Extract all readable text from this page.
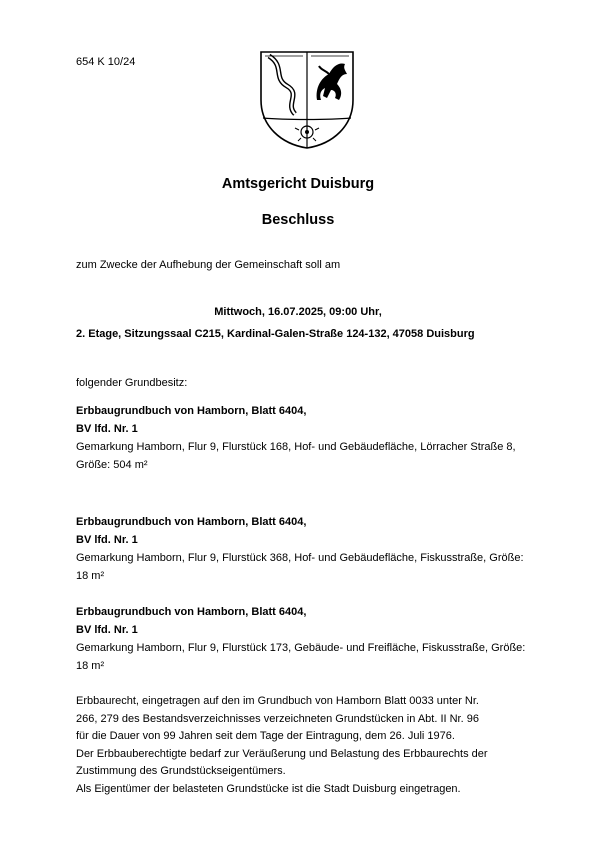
654 K 10/24
Amtsgericht Duisburg
Beschluss
zum Zwecke der Aufhebung der Gemeinschaft soll am
Mittwoch, 16.07.2025, 09:00 Uhr,
2. Etage, Sitzungssaal C215, Kardinal-Galen-Straße 124-132, 47058 Duisburg
folgender Grundbesitz:
Erbbaugrundbuch von Hamborn, Blatt 6404,
BV lfd. Nr. 1
Gemarkung Hamborn, Flur 9, Flurstück 168, Hof- und Gebäudefläche, Lörracher Straße 8, Größe: 504 m²
Erbbaugrundbuch von Hamborn, Blatt 6404,
BV lfd. Nr. 1
Gemarkung Hamborn, Flur 9, Flurstück 368, Hof- und Gebäudefläche, Fiskusstraße, Größe: 18 m²
Erbbaugrundbuch von Hamborn, Blatt 6404,
BV lfd. Nr. 1
Gemarkung Hamborn, Flur 9, Flurstück 173, Gebäude- und Freifläche, Fiskusstraße, Größe: 18 m²
Erbbaurecht, eingetragen auf den im Grundbuch von Hamborn Blatt 0033 unter Nr.
266, 279 des Bestandsverzeichnisses verzeichneten Grundstücken in Abt. II Nr. 96
für die Dauer von 99 Jahren seit dem Tage der Eintragung, dem 26. Juli 1976.
Der Erbbauberechtigte bedarf zur Veräußerung und Belastung des Erbbaurechts der
Zustimmung des Grundstückseigentümers.
Als Eigentümer der belasteten Grundstücke ist die Stadt Duisburg eingetragen.
